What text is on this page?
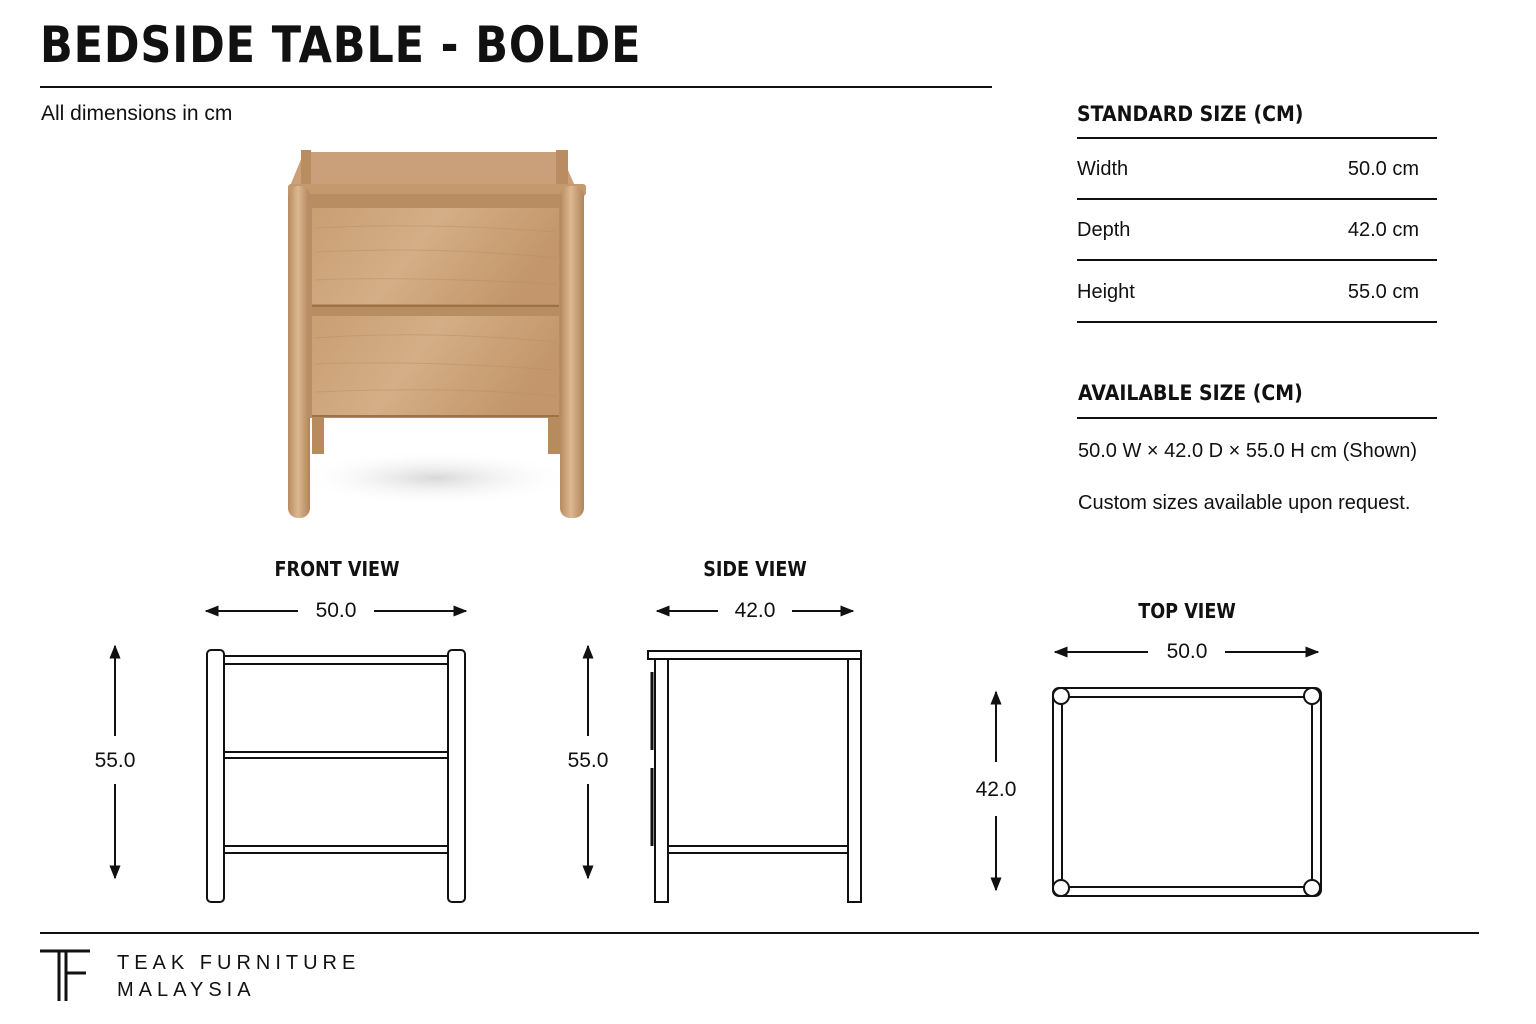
BEDSIDE TABLE - BOLDE
All dimensions in cm	STANDARD SIZE (CM)
Width	50.0 cm
Depth	42.0 cm
Height	55.0 cm
AVAILABLE SIZE (CM)
50.0 W × 42.0 D × 55.0 H cm (Shown)
Custom sizes available upon request.
FRONT VIEW	SIDE VIEW
TOP VIEW
50.0
55.0
42.0
55.0
50.0
42.0
TEAK FURNITURE
MALAYSIA
